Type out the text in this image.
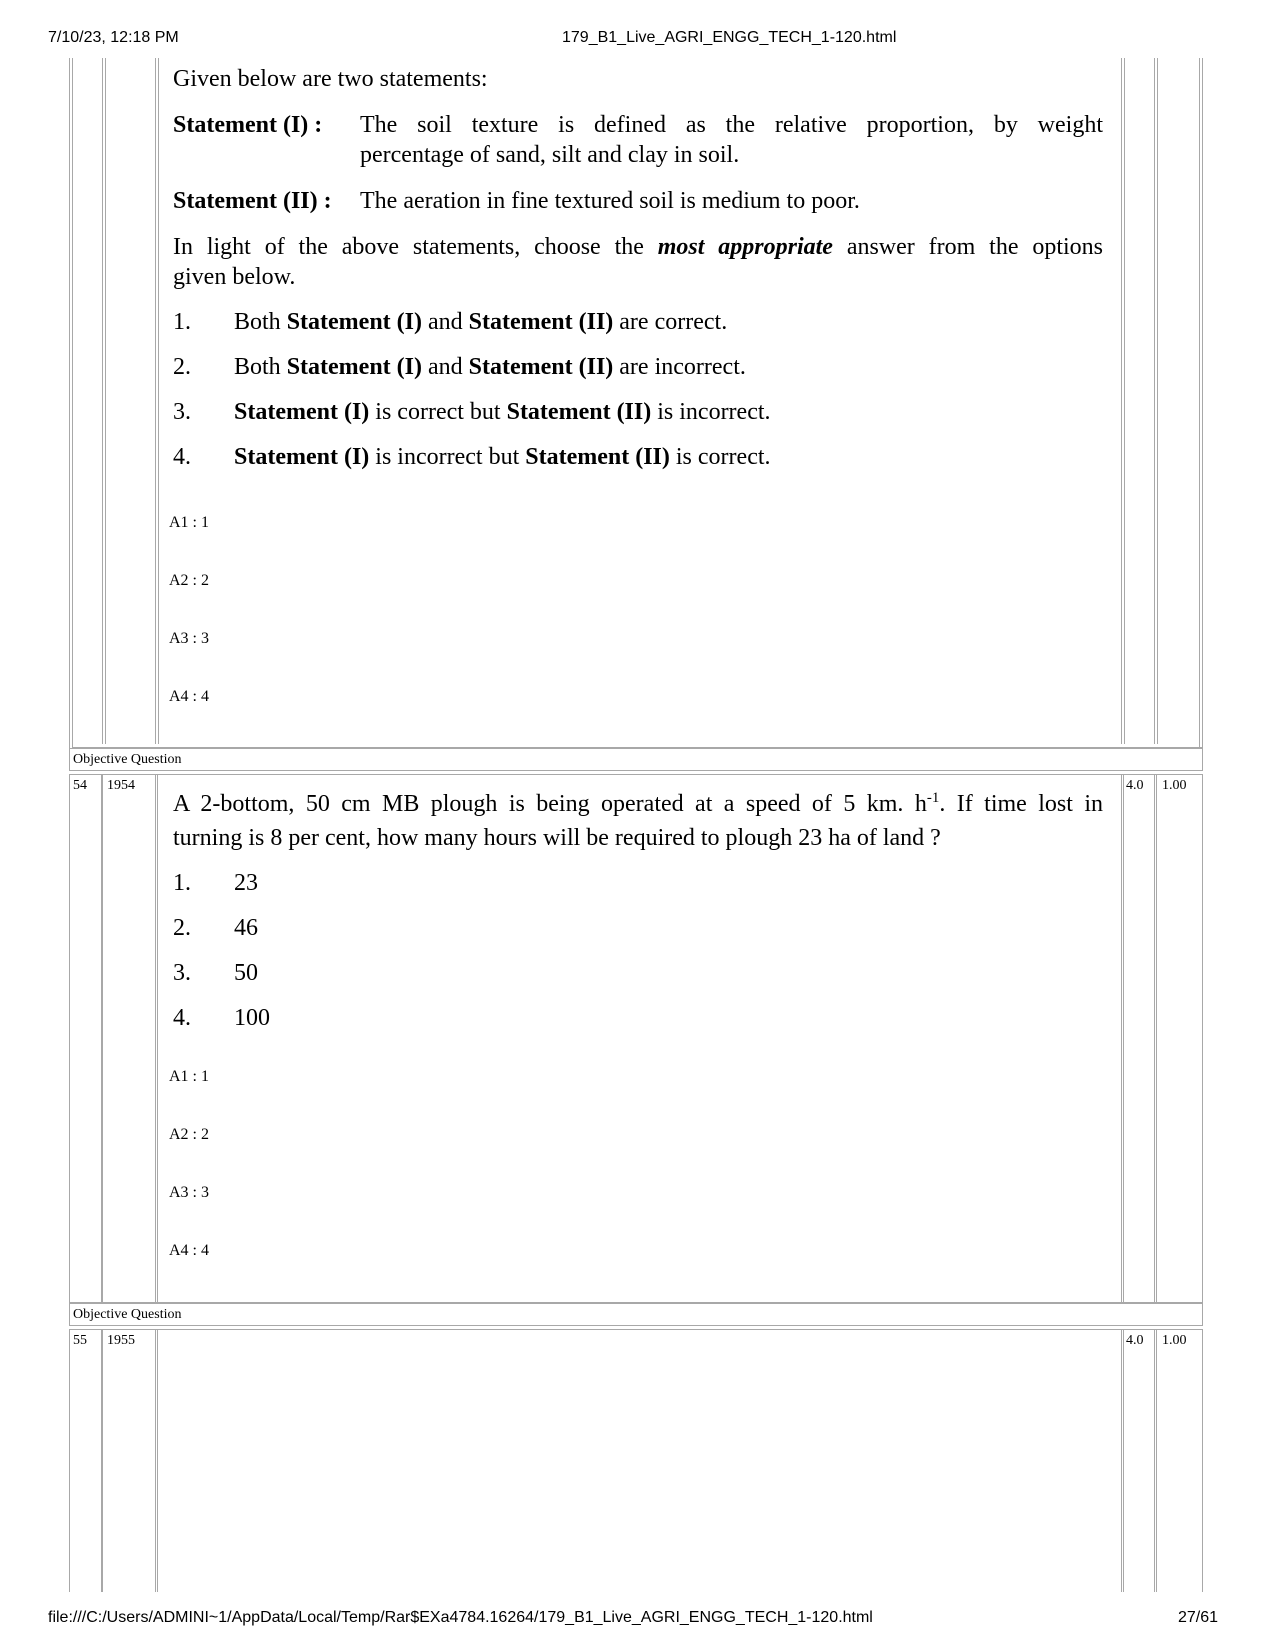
7/10/23, 12:18 PM	179_B1_Live_AGRI_ENGG_TECH_1-120.html
Given below are two statements:
Statement (I) :	The soil texture is defined as the relative proportion, by weight
percentage of sand, silt and clay in soil.
Statement (II) :	The aeration in fine textured soil is medium to poor.
In light of the above statements, choose the most appropriate answer from the options
given below.
1.	Both Statement (I) and Statement (II) are correct.
2.	Both Statement (I) and Statement (II) are incorrect.
3.	Statement (I) is correct but Statement (II) is incorrect.
4.	Statement (I) is incorrect but Statement (II) is correct.
A1 : 1
A2 : 2
A3 : 3
A4 : 4
Objective Question
54 1954	4.0 1.00
A 2-bottom, 50 cm MB plough is being operated at a speed of 5 km. $h^{-1}$. If time lost in
turning is 8 per cent, how many hours will be required to plough 23 ha of land ?
1.	23
2.	46
3.	50
4.	100
A1 : 1
A2 : 2
A3 : 3
A4 : 4
Objective Question
55 1955	4.0 1.00
file:///C:/Users/ADMINI~1/AppData/Local/Temp/Rar$EXa4784.16264/179_B1_Live_AGRI_ENGG_TECH_1-120.html	27/61
